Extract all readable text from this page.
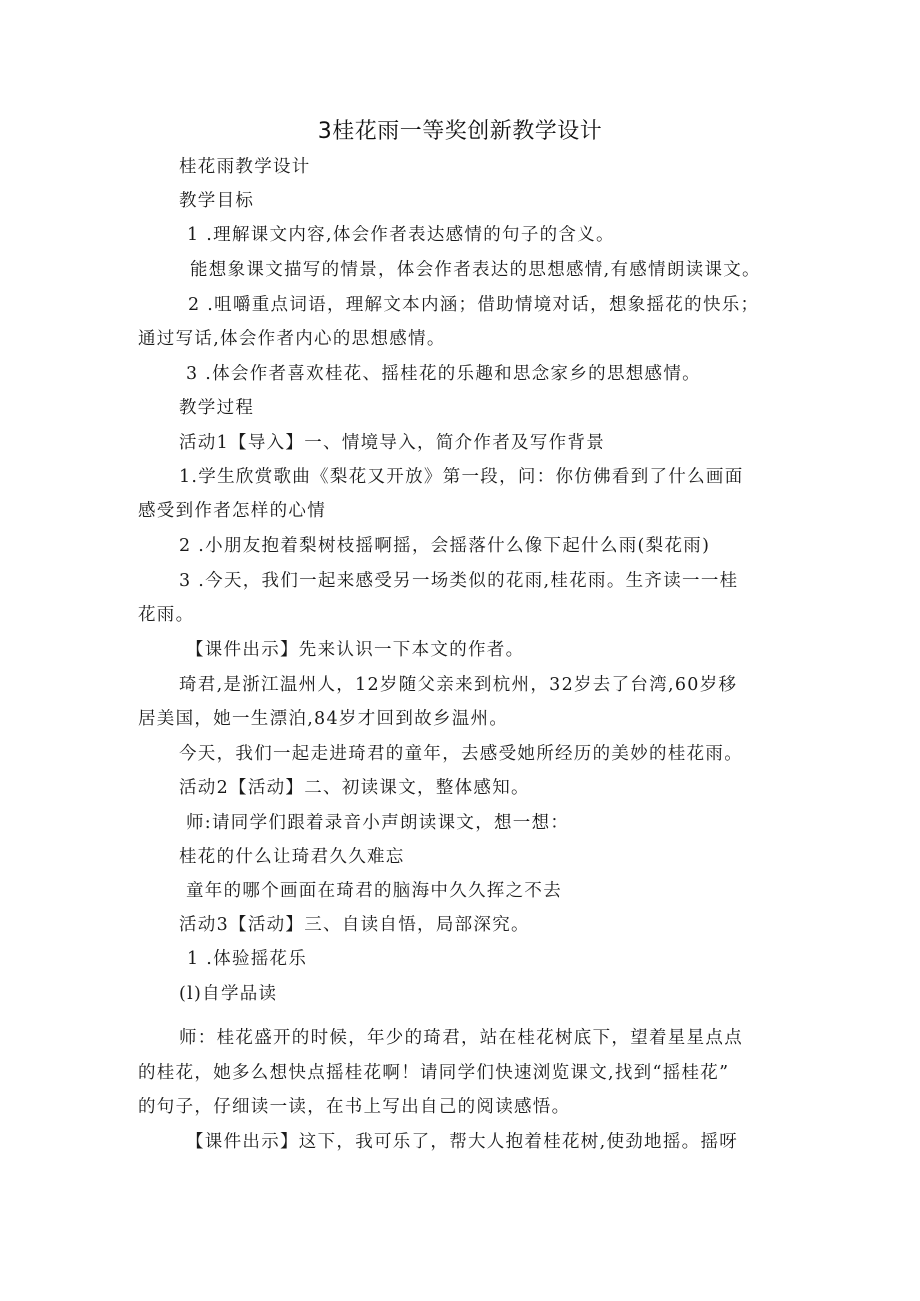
3桂花雨一等奖创新教学设计
桂花雨教学设计
教学目标
1 .理解课文内容,体会作者表达感情的句子的含义。
能想象课文描写的情景，体会作者表达的思想感情,有感情朗读课文。
2 .咀嚼重点词语，理解文本内涵；借助情境对话，想象摇花的快乐；
通过写话,体会作者内心的思想感情。
3 .体会作者喜欢桂花、摇桂花的乐趣和思念家乡的思想感情。
教学过程
活动1【导入】一、情境导入，简介作者及写作背景
1.学生欣赏歌曲《梨花又开放》第一段，问：你仿佛看到了什么画面
感受到作者怎样的心情
2 .小朋友抱着梨树枝摇啊摇，会摇落什么像下起什么雨(梨花雨)
3 .今天，我们一起来感受另一场类似的花雨,桂花雨。生齐读一一桂
花雨。
【课件出示】先来认识一下本文的作者。
琦君,是浙江温州人，12岁随父亲来到杭州，32岁去了台湾,60岁移
居美国，她一生漂泊,84岁才回到故乡温州。
今天，我们一起走进琦君的童年，去感受她所经历的美妙的桂花雨。
活动2【活动】二、初读课文，整体感知。
师:请同学们跟着录音小声朗读课文，想一想：
桂花的什么让琦君久久难忘
童年的哪个画面在琦君的脑海中久久挥之不去
活动3【活动】三、自读自悟，局部深究。
1 .体验摇花乐
(l)自学品读
师：桂花盛开的时候，年少的琦君，站在桂花树底下，望着星星点点
的桂花，她多么想快点摇桂花啊！请同学们快速浏览课文,找到“摇桂花”
的句子，仔细读一读，在书上写出自己的阅读感悟。
【课件出示】这下，我可乐了，帮大人抱着桂花树,使劲地摇。摇呀
